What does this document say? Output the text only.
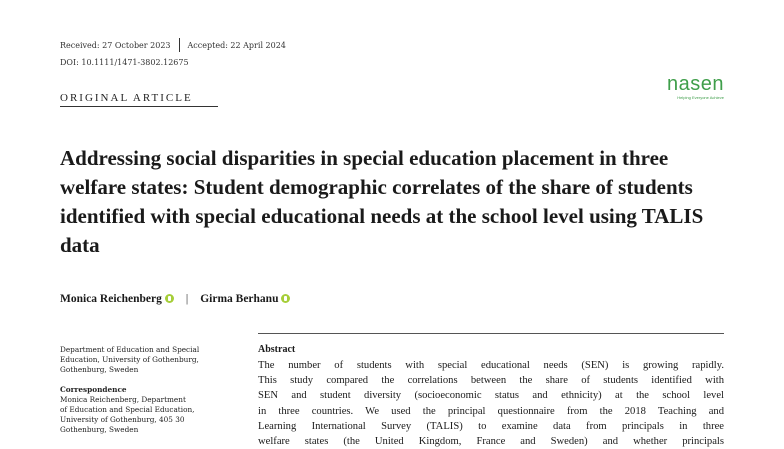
Received: 27 October 2023 Accepted: 22 April 2024
DOI: 10.1111/1471-3802.12675
ORIGINAL ARTICLE
nasen
Helping Everyone Achieve
Addressing social disparities in special education placement in three welfare states: Student demographic correlates of the share of students identified with special educational needs at the school level using TALIS data
Monica Reichenberg | Girma Berhanu

Department of Education and Special Education, University of Gothenburg, Gothenburg, Sweden

Correspondence
Monica Reichenberg, Department
of Education and Special Education,
University of Gothenburg, 405 30
Gothenburg, Sweden
Abstract
The number of students with special educational needs (SEN) is growing rapidly.
This study compared the correlations between the share of students identified with
SEN and student diversity (socioeconomic status and ethnicity) at the school level
in three countries. We used the principal questionnaire from the 2018 Teaching and
Learning International Survey (TALIS) to examine data from principals in three
welfare states (the United Kingdom, France and Sweden) and whether principals
